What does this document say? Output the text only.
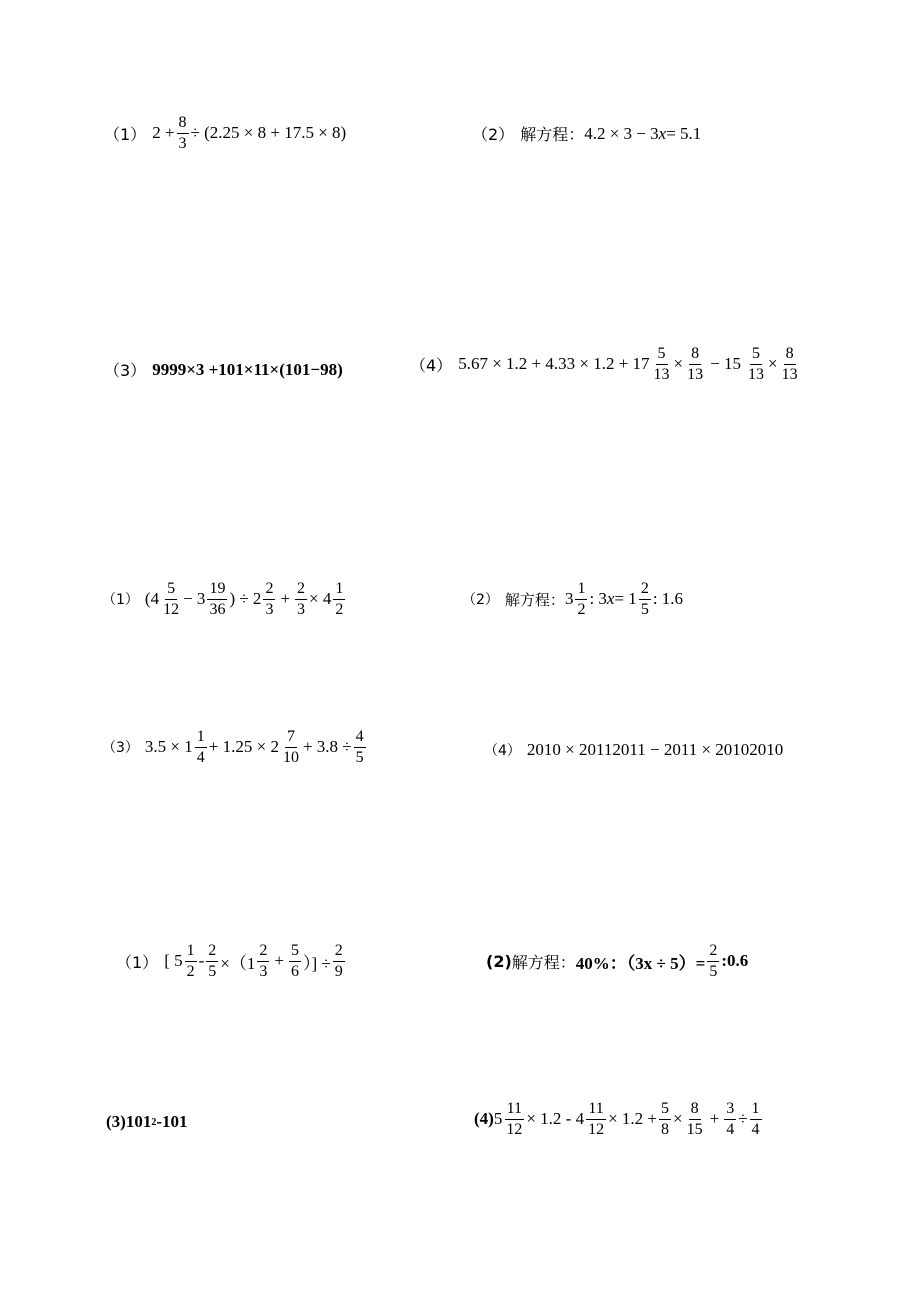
（1） $2 + \frac{8}{3} \div (2.25 \times 8 + 17.5 \times 8)$	（2） 解方程： 4.2 × 3 − 3 x = 5.1
（3） 9999×3 +101×11×(101−98)	（4） $5.67 \times 1.2 + 4.33 \times 1.2 + 17 \frac{5}{13} \times \frac{8}{13} - 15 \frac{5}{13} \times \frac{8}{13}$
（1） ($4 \frac{5}{12} - 3 \frac{19}{36}$ ) ÷ $2 \frac{2}{3} + \frac{2}{3} \times 4 \frac{1}{2}$	（2） 解方程： $3 \frac{1}{2}$ : 3 $x = 1 \frac{2}{5}$ : 1.6
（3） $3.5 \times 1 \frac{1}{4} + 1.25 \times 2 \frac{7}{10} + 3.8 \div \frac{4}{5}$	（4） 2010 × 20112011 − 2011 × 20102010
（1） [ $5 \frac{1}{2} - \frac{2}{5} \times(1 \frac{2}{3} + \frac{5}{6}$ ）] ÷ $\frac{2}{9}$	(2) 解方程： 40%：$(3x \div 5)= \frac{2}{5}$ :0.6
(3) 101 2 -101	(4) $5 \frac{11}{12} \times 1.2 - 4 \frac{11}{12} \times 1.2 + \frac{5}{8} \times \frac{8}{15} + \frac{3}{4} \div \frac{1}{4}$
